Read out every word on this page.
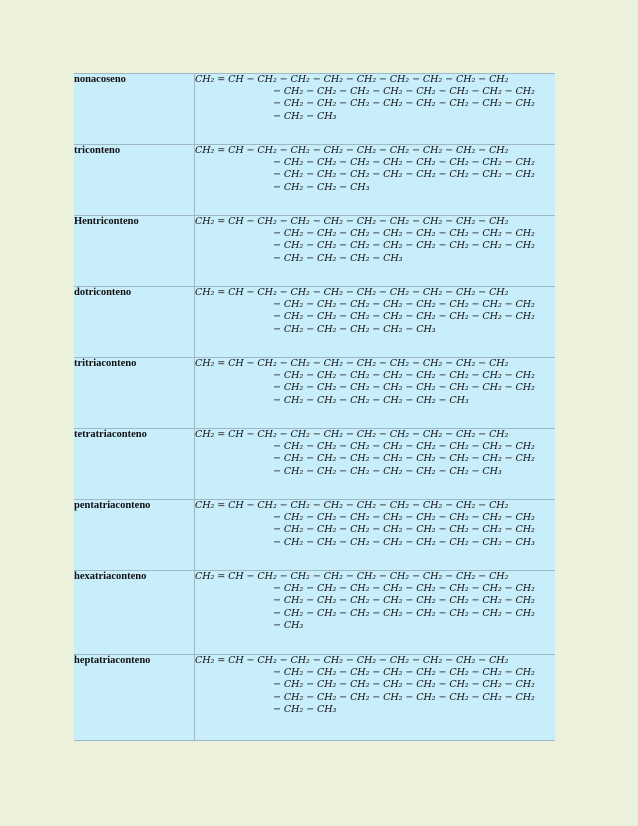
nonacoseno	CH₂ = CH − CH₂ − CH₂ − CH₂ − CH₂ − CH₂ − CH₂ − CH₂ − CH₂
− CH₂ − CH₂ − CH₂ − CH₂ − CH₂ − CH₂ − CH₂ − CH₂
− CH₂ − CH₂ − CH₂ − CH₂ − CH₂ − CH₂ − CH₂ − CH₂
− CH₂ − CH₃

triconteno	CH₂ = CH − CH₂ − CH₂ − CH₂ − CH₂ − CH₂ − CH₂ − CH₂ − CH₂
− CH₂ − CH₂ − CH₂ − CH₂ − CH₂ − CH₂ − CH₂ − CH₂
− CH₂ − CH₂ − CH₂ − CH₂ − CH₂ − CH₂ − CH₂ − CH₂
− CH₂ − CH₂ − CH₃

Hentriconteno	CH₂ = CH − CH₂ − CH₂ − CH₂ − CH₂ − CH₂ − CH₂ − CH₂ − CH₂
− CH₂ − CH₂ − CH₂ − CH₂ − CH₂ − CH₂ − CH₂ − CH₂
− CH₂ − CH₂ − CH₂ − CH₂ − CH₂ − CH₂ − CH₂ − CH₂
− CH₂ − CH₂ − CH₂ − CH₃

dotriconteno	CH₂ = CH − CH₂ − CH₂ − CH₂ − CH₂ − CH₂ − CH₂ − CH₂ − CH₂
− CH₂ − CH₂ − CH₂ − CH₂ − CH₂ − CH₂ − CH₂ − CH₂
− CH₂ − CH₂ − CH₂ − CH₂ − CH₂ − CH₂ − CH₂ − CH₂
− CH₂ − CH₂ − CH₂ − CH₂ − CH₃

tritriaconteno	CH₂ = CH − CH₂ − CH₂ − CH₂ − CH₂ − CH₂ − CH₂ − CH₂ − CH₂
− CH₂ − CH₂ − CH₂ − CH₂ − CH₂ − CH₂ − CH₂ − CH₂
− CH₂ − CH₂ − CH₂ − CH₂ − CH₂ − CH₂ − CH₂ − CH₂
− CH₂ − CH₂ − CH₂ − CH₂ − CH₂ − CH₃

tetratriaconteno	CH₂ = CH − CH₂ − CH₂ − CH₂ − CH₂ − CH₂ − CH₂ − CH₂ − CH₂
− CH₂ − CH₂ − CH₂ − CH₂ − CH₂ − CH₂ − CH₂ − CH₂
− CH₂ − CH₂ − CH₂ − CH₂ − CH₂ − CH₂ − CH₂ − CH₂
− CH₂ − CH₂ − CH₂ − CH₂ − CH₂ − CH₂ − CH₃

pentatriaconteno	CH₂ = CH − CH₂ − CH₂ − CH₂ − CH₂ − CH₂ − CH₂ − CH₂ − CH₂
− CH₂ − CH₂ − CH₂ − CH₂ − CH₂ − CH₂ − CH₂ − CH₂
− CH₂ − CH₂ − CH₂ − CH₂ − CH₂ − CH₂ − CH₂ − CH₂
− CH₂ − CH₂ − CH₂ − CH₂ − CH₂ − CH₂ − CH₂ − CH₃

hexatriaconteno	CH₂ = CH − CH₂ − CH₂ − CH₂ − CH₂ − CH₂ − CH₂ − CH₂ − CH₂
− CH₂ − CH₂ − CH₂ − CH₂ − CH₂ − CH₂ − CH₂ − CH₂
− CH₂ − CH₂ − CH₂ − CH₂ − CH₂ − CH₂ − CH₂ − CH₂
− CH₂ − CH₂ − CH₂ − CH₂ − CH₂ − CH₂ − CH₂ − CH₂
− CH₃

heptatriaconteno	CH₂ = CH − CH₂ − CH₂ − CH₂ − CH₂ − CH₂ − CH₂ − CH₂ − CH₂
− CH₂ − CH₂ − CH₂ − CH₂ − CH₂ − CH₂ − CH₂ − CH₂
− CH₂ − CH₂ − CH₂ − CH₂ − CH₂ − CH₂ − CH₂ − CH₂
− CH₂ − CH₂ − CH₂ − CH₂ − CH₂ − CH₂ − CH₂ − CH₂
− CH₂ − CH₃
